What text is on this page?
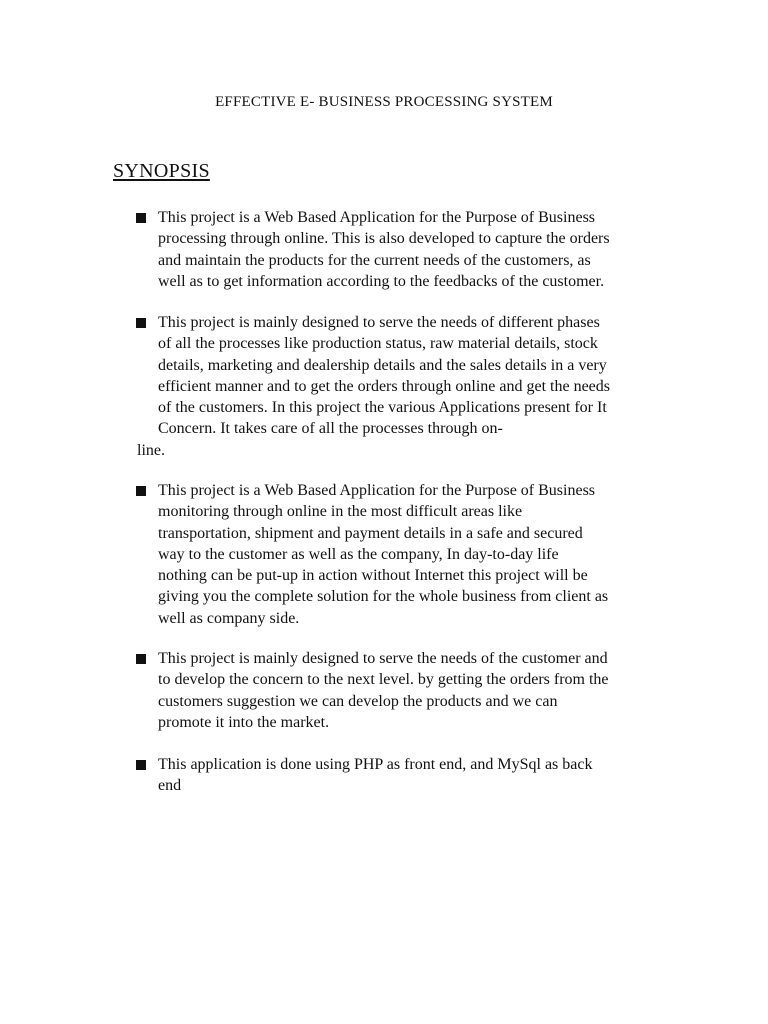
EFFECTIVE E- BUSINESS PROCESSING SYSTEM
SYNOPSIS
This project is a Web Based Application for the Purpose of Business
processing through online. This is also developed to capture the orders
and maintain the products for the current needs of the customers, as
well as to get information according to the feedbacks of the customer.
This project is mainly designed to serve the needs of different phases
of all the processes like production status, raw material details, stock
details, marketing and dealership details and the sales details in a very
efficient manner and to get the orders through online and get the needs
of the customers. In this project the various Applications present for It
Concern. It takes care of all the processes through on-
line.
This project is a Web Based Application for the Purpose of Business
monitoring through online in the most difficult areas like
transportation, shipment and payment details in a safe and secured
way to the customer as well as the company, In day-to-day life
nothing can be put-up in action without Internet this project will be
giving you the complete solution for the whole business from client as
well as company side.
This project is mainly designed to serve the needs of the customer and
to develop the concern to the next level. by getting the orders from the
customers suggestion we can develop the products and we can
promote it into the market.
This application is done using PHP as front end, and MySql as back
end
